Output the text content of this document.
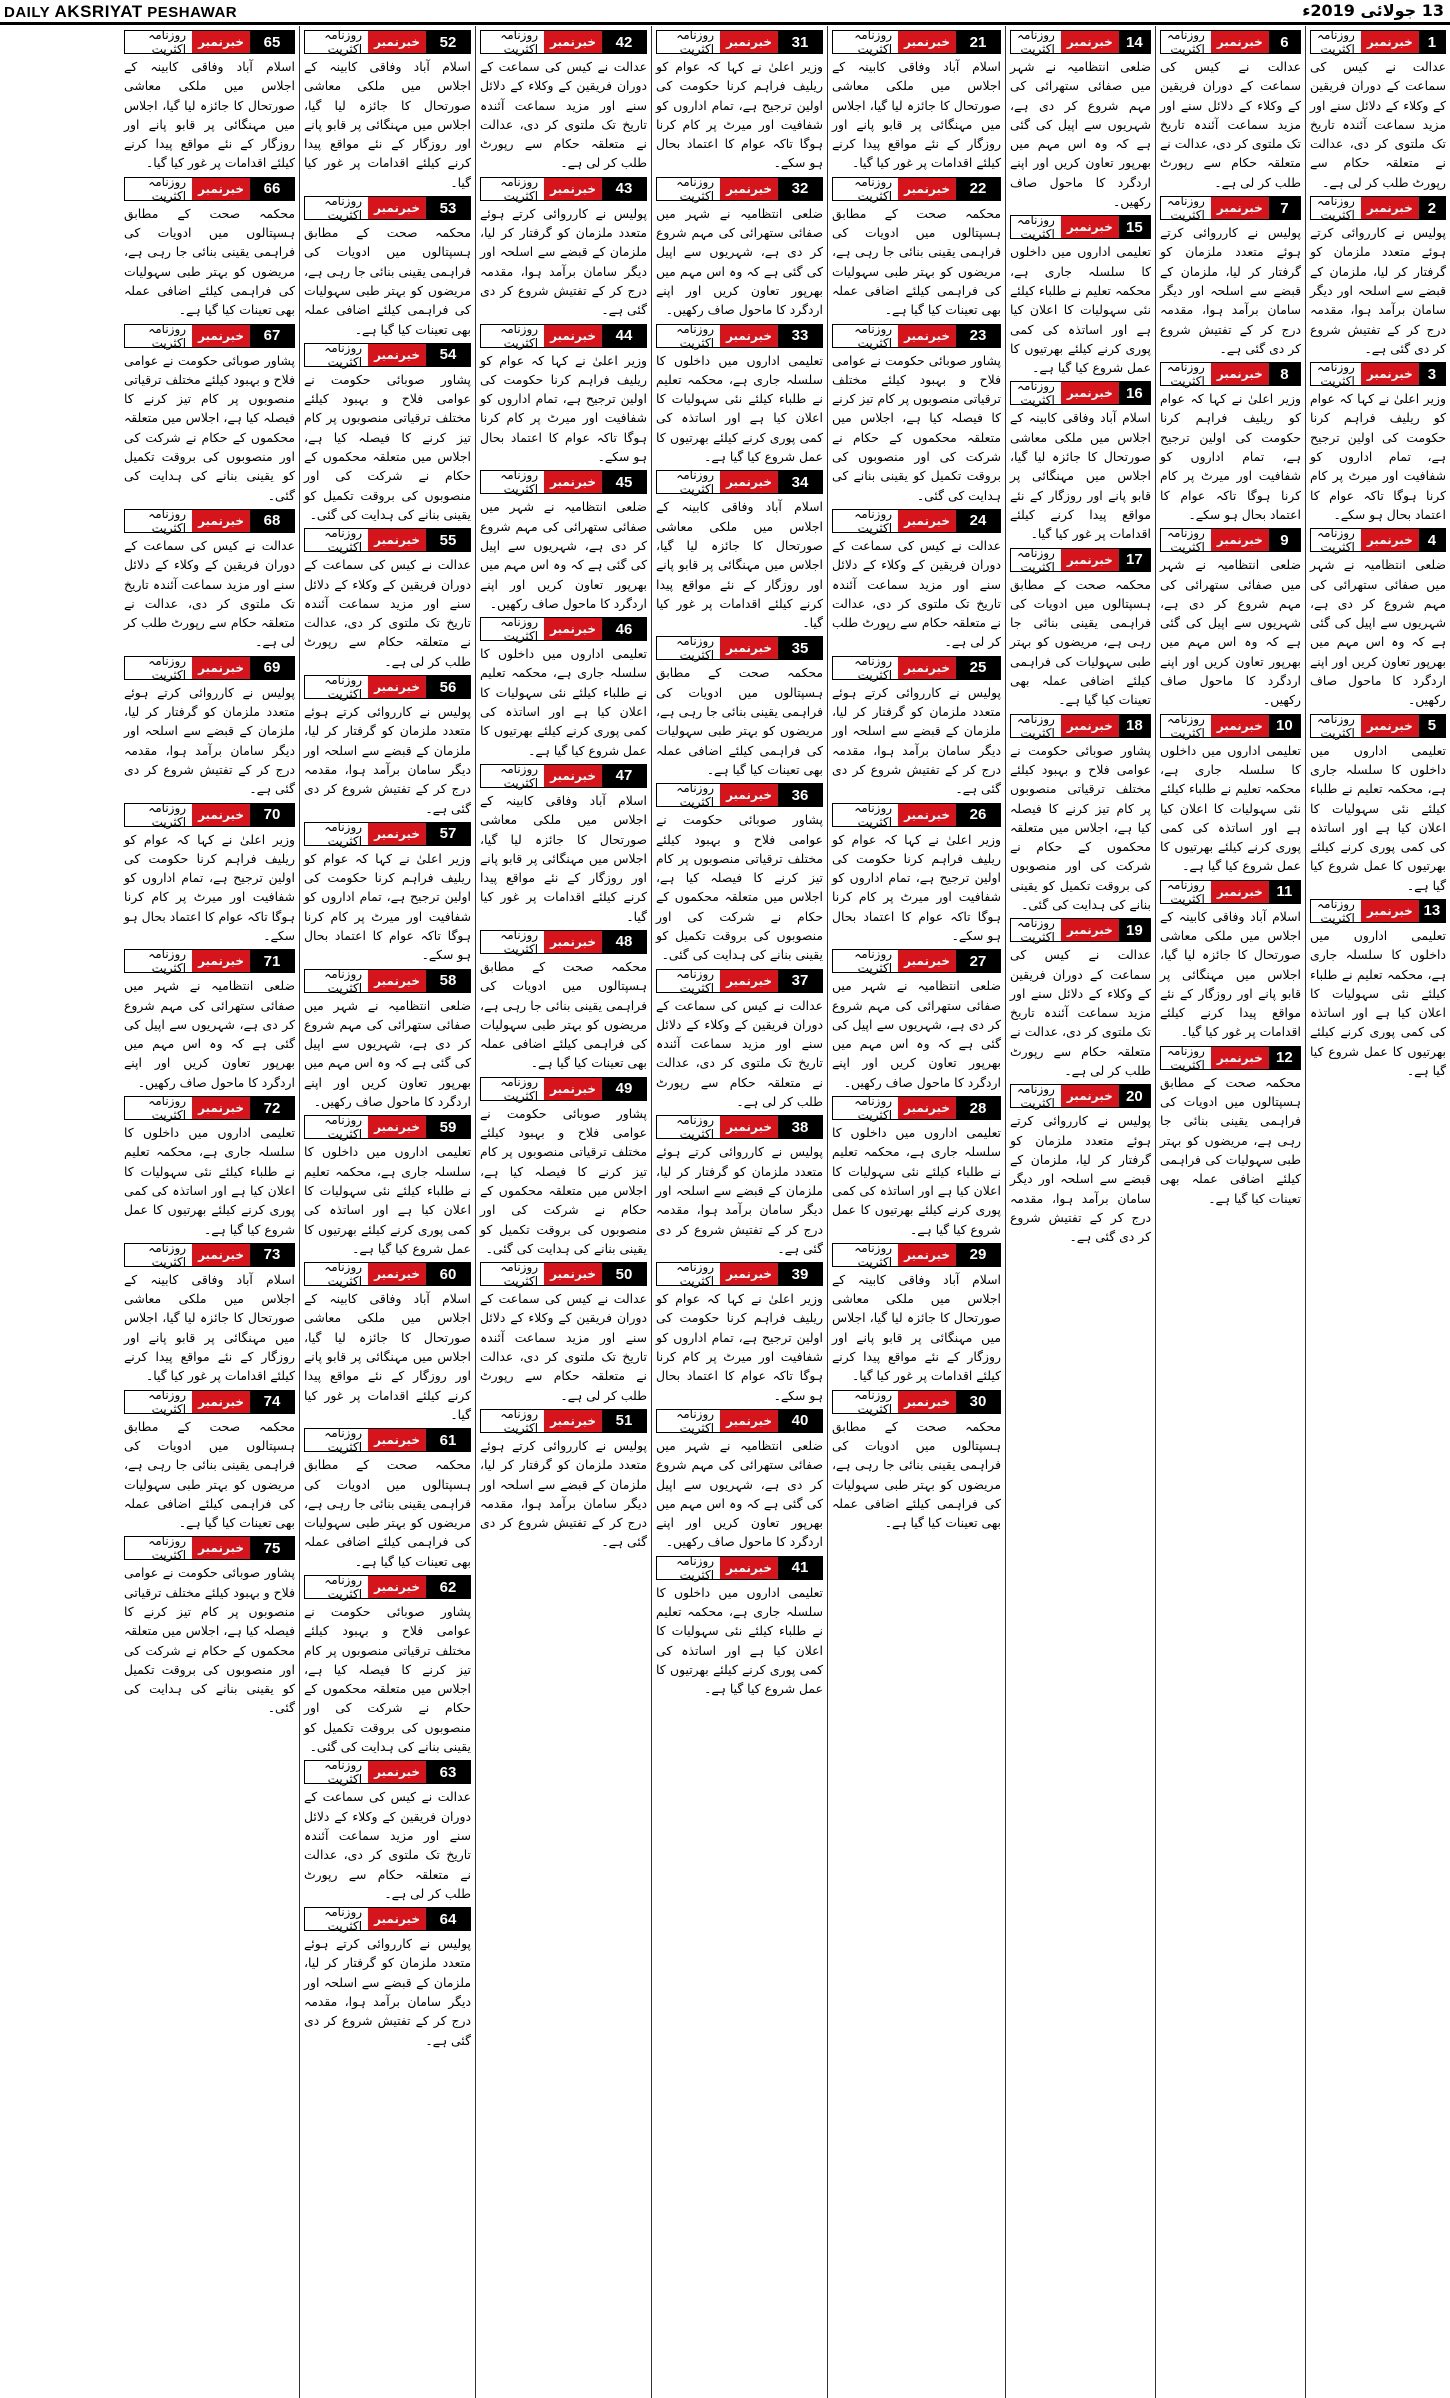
DAILY AKSRIYAT PESHAWAR	13 جولائی 2019ء
1
خبرنمبر
روزنامہ اکثریت
عدالت نے کیس کی سماعت کے دوران فریقین کے وکلاء کے دلائل سنے اور مزید سماعت آئندہ تاریخ تک ملتوی کر دی، عدالت نے متعلقہ حکام سے رپورٹ طلب کر لی ہے۔
2
خبرنمبر
روزنامہ اکثریت
پولیس نے کارروائی کرتے ہوئے متعدد ملزمان کو گرفتار کر لیا، ملزمان کے قبضے سے اسلحہ اور دیگر سامان برآمد ہوا، مقدمہ درج کر کے تفتیش شروع کر دی گئی ہے۔
3
خبرنمبر
روزنامہ اکثریت
وزیر اعلیٰ نے کہا کہ عوام کو ریلیف فراہم کرنا حکومت کی اولین ترجیح ہے، تمام اداروں کو شفافیت اور میرٹ پر کام کرنا ہوگا تاکہ عوام کا اعتماد بحال ہو سکے۔
4
خبرنمبر
روزنامہ اکثریت
ضلعی انتظامیہ نے شہر میں صفائی ستھرائی کی مہم شروع کر دی ہے، شہریوں سے اپیل کی گئی ہے کہ وہ اس مہم میں بھرپور تعاون کریں اور اپنے اردگرد کا ماحول صاف رکھیں۔
5
خبرنمبر
روزنامہ اکثریت
تعلیمی اداروں میں داخلوں کا سلسلہ جاری ہے، محکمہ تعلیم نے طلباء کیلئے نئی سہولیات کا اعلان کیا ہے اور اساتذہ کی کمی پوری کرنے کیلئے بھرتیوں کا عمل شروع کیا گیا ہے۔
13
خبرنمبر
روزنامہ اکثریت
تعلیمی اداروں میں داخلوں کا سلسلہ جاری ہے، محکمہ تعلیم نے طلباء کیلئے نئی سہولیات کا اعلان کیا ہے اور اساتذہ کی کمی پوری کرنے کیلئے بھرتیوں کا عمل شروع کیا گیا ہے۔
6
خبرنمبر
روزنامہ اکثریت
عدالت نے کیس کی سماعت کے دوران فریقین کے وکلاء کے دلائل سنے اور مزید سماعت آئندہ تاریخ تک ملتوی کر دی، عدالت نے متعلقہ حکام سے رپورٹ طلب کر لی ہے۔
7
خبرنمبر
روزنامہ اکثریت
پولیس نے کارروائی کرتے ہوئے متعدد ملزمان کو گرفتار کر لیا، ملزمان کے قبضے سے اسلحہ اور دیگر سامان برآمد ہوا، مقدمہ درج کر کے تفتیش شروع کر دی گئی ہے۔
8
خبرنمبر
روزنامہ اکثریت
وزیر اعلیٰ نے کہا کہ عوام کو ریلیف فراہم کرنا حکومت کی اولین ترجیح ہے، تمام اداروں کو شفافیت اور میرٹ پر کام کرنا ہوگا تاکہ عوام کا اعتماد بحال ہو سکے۔
9
خبرنمبر
روزنامہ اکثریت
ضلعی انتظامیہ نے شہر میں صفائی ستھرائی کی مہم شروع کر دی ہے، شہریوں سے اپیل کی گئی ہے کہ وہ اس مہم میں بھرپور تعاون کریں اور اپنے اردگرد کا ماحول صاف رکھیں۔
10
خبرنمبر
روزنامہ اکثریت
تعلیمی اداروں میں داخلوں کا سلسلہ جاری ہے، محکمہ تعلیم نے طلباء کیلئے نئی سہولیات کا اعلان کیا ہے اور اساتذہ کی کمی پوری کرنے کیلئے بھرتیوں کا عمل شروع کیا گیا ہے۔
11
خبرنمبر
روزنامہ اکثریت
اسلام آباد وفاقی کابینہ کے اجلاس میں ملکی معاشی صورتحال کا جائزہ لیا گیا، اجلاس میں مہنگائی پر قابو پانے اور روزگار کے نئے مواقع پیدا کرنے کیلئے اقدامات پر غور کیا گیا۔
12
خبرنمبر
روزنامہ اکثریت
محکمہ صحت کے مطابق ہسپتالوں میں ادویات کی فراہمی یقینی بنائی جا رہی ہے، مریضوں کو بہتر طبی سہولیات کی فراہمی کیلئے اضافی عملہ بھی تعینات کیا گیا ہے۔
14
خبرنمبر
روزنامہ اکثریت
ضلعی انتظامیہ نے شہر میں صفائی ستھرائی کی مہم شروع کر دی ہے، شہریوں سے اپیل کی گئی ہے کہ وہ اس مہم میں بھرپور تعاون کریں اور اپنے اردگرد کا ماحول صاف رکھیں۔
15
خبرنمبر
روزنامہ اکثریت
تعلیمی اداروں میں داخلوں کا سلسلہ جاری ہے، محکمہ تعلیم نے طلباء کیلئے نئی سہولیات کا اعلان کیا ہے اور اساتذہ کی کمی پوری کرنے کیلئے بھرتیوں کا عمل شروع کیا گیا ہے۔
16
خبرنمبر
روزنامہ اکثریت
اسلام آباد وفاقی کابینہ کے اجلاس میں ملکی معاشی صورتحال کا جائزہ لیا گیا، اجلاس میں مہنگائی پر قابو پانے اور روزگار کے نئے مواقع پیدا کرنے کیلئے اقدامات پر غور کیا گیا۔
17
خبرنمبر
روزنامہ اکثریت
محکمہ صحت کے مطابق ہسپتالوں میں ادویات کی فراہمی یقینی بنائی جا رہی ہے، مریضوں کو بہتر طبی سہولیات کی فراہمی کیلئے اضافی عملہ بھی تعینات کیا گیا ہے۔
18
خبرنمبر
روزنامہ اکثریت
پشاور صوبائی حکومت نے عوامی فلاح و بہبود کیلئے مختلف ترقیاتی منصوبوں پر کام تیز کرنے کا فیصلہ کیا ہے، اجلاس میں متعلقہ محکموں کے حکام نے شرکت کی اور منصوبوں کی بروقت تکمیل کو یقینی بنانے کی ہدایت کی گئی۔
19
خبرنمبر
روزنامہ اکثریت
عدالت نے کیس کی سماعت کے دوران فریقین کے وکلاء کے دلائل سنے اور مزید سماعت آئندہ تاریخ تک ملتوی کر دی، عدالت نے متعلقہ حکام سے رپورٹ طلب کر لی ہے۔
20
خبرنمبر
روزنامہ اکثریت
پولیس نے کارروائی کرتے ہوئے متعدد ملزمان کو گرفتار کر لیا، ملزمان کے قبضے سے اسلحہ اور دیگر سامان برآمد ہوا، مقدمہ درج کر کے تفتیش شروع کر دی گئی ہے۔
21
خبرنمبر
روزنامہ اکثریت
اسلام آباد وفاقی کابینہ کے اجلاس میں ملکی معاشی صورتحال کا جائزہ لیا گیا، اجلاس میں مہنگائی پر قابو پانے اور روزگار کے نئے مواقع پیدا کرنے کیلئے اقدامات پر غور کیا گیا۔
22
خبرنمبر
روزنامہ اکثریت
محکمہ صحت کے مطابق ہسپتالوں میں ادویات کی فراہمی یقینی بنائی جا رہی ہے، مریضوں کو بہتر طبی سہولیات کی فراہمی کیلئے اضافی عملہ بھی تعینات کیا گیا ہے۔
23
خبرنمبر
روزنامہ اکثریت
پشاور صوبائی حکومت نے عوامی فلاح و بہبود کیلئے مختلف ترقیاتی منصوبوں پر کام تیز کرنے کا فیصلہ کیا ہے، اجلاس میں متعلقہ محکموں کے حکام نے شرکت کی اور منصوبوں کی بروقت تکمیل کو یقینی بنانے کی ہدایت کی گئی۔
24
خبرنمبر
روزنامہ اکثریت
عدالت نے کیس کی سماعت کے دوران فریقین کے وکلاء کے دلائل سنے اور مزید سماعت آئندہ تاریخ تک ملتوی کر دی، عدالت نے متعلقہ حکام سے رپورٹ طلب کر لی ہے۔
25
خبرنمبر
روزنامہ اکثریت
پولیس نے کارروائی کرتے ہوئے متعدد ملزمان کو گرفتار کر لیا، ملزمان کے قبضے سے اسلحہ اور دیگر سامان برآمد ہوا، مقدمہ درج کر کے تفتیش شروع کر دی گئی ہے۔
26
خبرنمبر
روزنامہ اکثریت
وزیر اعلیٰ نے کہا کہ عوام کو ریلیف فراہم کرنا حکومت کی اولین ترجیح ہے، تمام اداروں کو شفافیت اور میرٹ پر کام کرنا ہوگا تاکہ عوام کا اعتماد بحال ہو سکے۔
27
خبرنمبر
روزنامہ اکثریت
ضلعی انتظامیہ نے شہر میں صفائی ستھرائی کی مہم شروع کر دی ہے، شہریوں سے اپیل کی گئی ہے کہ وہ اس مہم میں بھرپور تعاون کریں اور اپنے اردگرد کا ماحول صاف رکھیں۔
28
خبرنمبر
روزنامہ اکثریت
تعلیمی اداروں میں داخلوں کا سلسلہ جاری ہے، محکمہ تعلیم نے طلباء کیلئے نئی سہولیات کا اعلان کیا ہے اور اساتذہ کی کمی پوری کرنے کیلئے بھرتیوں کا عمل شروع کیا گیا ہے۔
29
خبرنمبر
روزنامہ اکثریت
اسلام آباد وفاقی کابینہ کے اجلاس میں ملکی معاشی صورتحال کا جائزہ لیا گیا، اجلاس میں مہنگائی پر قابو پانے اور روزگار کے نئے مواقع پیدا کرنے کیلئے اقدامات پر غور کیا گیا۔
30
خبرنمبر
روزنامہ اکثریت
محکمہ صحت کے مطابق ہسپتالوں میں ادویات کی فراہمی یقینی بنائی جا رہی ہے، مریضوں کو بہتر طبی سہولیات کی فراہمی کیلئے اضافی عملہ بھی تعینات کیا گیا ہے۔
31
خبرنمبر
روزنامہ اکثریت
وزیر اعلیٰ نے کہا کہ عوام کو ریلیف فراہم کرنا حکومت کی اولین ترجیح ہے، تمام اداروں کو شفافیت اور میرٹ پر کام کرنا ہوگا تاکہ عوام کا اعتماد بحال ہو سکے۔
32
خبرنمبر
روزنامہ اکثریت
ضلعی انتظامیہ نے شہر میں صفائی ستھرائی کی مہم شروع کر دی ہے، شہریوں سے اپیل کی گئی ہے کہ وہ اس مہم میں بھرپور تعاون کریں اور اپنے اردگرد کا ماحول صاف رکھیں۔
33
خبرنمبر
روزنامہ اکثریت
تعلیمی اداروں میں داخلوں کا سلسلہ جاری ہے، محکمہ تعلیم نے طلباء کیلئے نئی سہولیات کا اعلان کیا ہے اور اساتذہ کی کمی پوری کرنے کیلئے بھرتیوں کا عمل شروع کیا گیا ہے۔
34
خبرنمبر
روزنامہ اکثریت
اسلام آباد وفاقی کابینہ کے اجلاس میں ملکی معاشی صورتحال کا جائزہ لیا گیا، اجلاس میں مہنگائی پر قابو پانے اور روزگار کے نئے مواقع پیدا کرنے کیلئے اقدامات پر غور کیا گیا۔
35
خبرنمبر
روزنامہ اکثریت
محکمہ صحت کے مطابق ہسپتالوں میں ادویات کی فراہمی یقینی بنائی جا رہی ہے، مریضوں کو بہتر طبی سہولیات کی فراہمی کیلئے اضافی عملہ بھی تعینات کیا گیا ہے۔
36
خبرنمبر
روزنامہ اکثریت
پشاور صوبائی حکومت نے عوامی فلاح و بہبود کیلئے مختلف ترقیاتی منصوبوں پر کام تیز کرنے کا فیصلہ کیا ہے، اجلاس میں متعلقہ محکموں کے حکام نے شرکت کی اور منصوبوں کی بروقت تکمیل کو یقینی بنانے کی ہدایت کی گئی۔
37
خبرنمبر
روزنامہ اکثریت
عدالت نے کیس کی سماعت کے دوران فریقین کے وکلاء کے دلائل سنے اور مزید سماعت آئندہ تاریخ تک ملتوی کر دی، عدالت نے متعلقہ حکام سے رپورٹ طلب کر لی ہے۔
38
خبرنمبر
روزنامہ اکثریت
پولیس نے کارروائی کرتے ہوئے متعدد ملزمان کو گرفتار کر لیا، ملزمان کے قبضے سے اسلحہ اور دیگر سامان برآمد ہوا، مقدمہ درج کر کے تفتیش شروع کر دی گئی ہے۔
39
خبرنمبر
روزنامہ اکثریت
وزیر اعلیٰ نے کہا کہ عوام کو ریلیف فراہم کرنا حکومت کی اولین ترجیح ہے، تمام اداروں کو شفافیت اور میرٹ پر کام کرنا ہوگا تاکہ عوام کا اعتماد بحال ہو سکے۔
40
خبرنمبر
روزنامہ اکثریت
ضلعی انتظامیہ نے شہر میں صفائی ستھرائی کی مہم شروع کر دی ہے، شہریوں سے اپیل کی گئی ہے کہ وہ اس مہم میں بھرپور تعاون کریں اور اپنے اردگرد کا ماحول صاف رکھیں۔
41
خبرنمبر
روزنامہ اکثریت
تعلیمی اداروں میں داخلوں کا سلسلہ جاری ہے، محکمہ تعلیم نے طلباء کیلئے نئی سہولیات کا اعلان کیا ہے اور اساتذہ کی کمی پوری کرنے کیلئے بھرتیوں کا عمل شروع کیا گیا ہے۔
42
خبرنمبر
روزنامہ اکثریت
عدالت نے کیس کی سماعت کے دوران فریقین کے وکلاء کے دلائل سنے اور مزید سماعت آئندہ تاریخ تک ملتوی کر دی، عدالت نے متعلقہ حکام سے رپورٹ طلب کر لی ہے۔
43
خبرنمبر
روزنامہ اکثریت
پولیس نے کارروائی کرتے ہوئے متعدد ملزمان کو گرفتار کر لیا، ملزمان کے قبضے سے اسلحہ اور دیگر سامان برآمد ہوا، مقدمہ درج کر کے تفتیش شروع کر دی گئی ہے۔
44
خبرنمبر
روزنامہ اکثریت
وزیر اعلیٰ نے کہا کہ عوام کو ریلیف فراہم کرنا حکومت کی اولین ترجیح ہے، تمام اداروں کو شفافیت اور میرٹ پر کام کرنا ہوگا تاکہ عوام کا اعتماد بحال ہو سکے۔
45
خبرنمبر
روزنامہ اکثریت
ضلعی انتظامیہ نے شہر میں صفائی ستھرائی کی مہم شروع کر دی ہے، شہریوں سے اپیل کی گئی ہے کہ وہ اس مہم میں بھرپور تعاون کریں اور اپنے اردگرد کا ماحول صاف رکھیں۔
46
خبرنمبر
روزنامہ اکثریت
تعلیمی اداروں میں داخلوں کا سلسلہ جاری ہے، محکمہ تعلیم نے طلباء کیلئے نئی سہولیات کا اعلان کیا ہے اور اساتذہ کی کمی پوری کرنے کیلئے بھرتیوں کا عمل شروع کیا گیا ہے۔
47
خبرنمبر
روزنامہ اکثریت
اسلام آباد وفاقی کابینہ کے اجلاس میں ملکی معاشی صورتحال کا جائزہ لیا گیا، اجلاس میں مہنگائی پر قابو پانے اور روزگار کے نئے مواقع پیدا کرنے کیلئے اقدامات پر غور کیا گیا۔
48
خبرنمبر
روزنامہ اکثریت
محکمہ صحت کے مطابق ہسپتالوں میں ادویات کی فراہمی یقینی بنائی جا رہی ہے، مریضوں کو بہتر طبی سہولیات کی فراہمی کیلئے اضافی عملہ بھی تعینات کیا گیا ہے۔
49
خبرنمبر
روزنامہ اکثریت
پشاور صوبائی حکومت نے عوامی فلاح و بہبود کیلئے مختلف ترقیاتی منصوبوں پر کام تیز کرنے کا فیصلہ کیا ہے، اجلاس میں متعلقہ محکموں کے حکام نے شرکت کی اور منصوبوں کی بروقت تکمیل کو یقینی بنانے کی ہدایت کی گئی۔
50
خبرنمبر
روزنامہ اکثریت
عدالت نے کیس کی سماعت کے دوران فریقین کے وکلاء کے دلائل سنے اور مزید سماعت آئندہ تاریخ تک ملتوی کر دی، عدالت نے متعلقہ حکام سے رپورٹ طلب کر لی ہے۔
51
خبرنمبر
روزنامہ اکثریت
پولیس نے کارروائی کرتے ہوئے متعدد ملزمان کو گرفتار کر لیا، ملزمان کے قبضے سے اسلحہ اور دیگر سامان برآمد ہوا، مقدمہ درج کر کے تفتیش شروع کر دی گئی ہے۔
52
خبرنمبر
روزنامہ اکثریت
اسلام آباد وفاقی کابینہ کے اجلاس میں ملکی معاشی صورتحال کا جائزہ لیا گیا، اجلاس میں مہنگائی پر قابو پانے اور روزگار کے نئے مواقع پیدا کرنے کیلئے اقدامات پر غور کیا گیا۔
53
خبرنمبر
روزنامہ اکثریت
محکمہ صحت کے مطابق ہسپتالوں میں ادویات کی فراہمی یقینی بنائی جا رہی ہے، مریضوں کو بہتر طبی سہولیات کی فراہمی کیلئے اضافی عملہ بھی تعینات کیا گیا ہے۔
54
خبرنمبر
روزنامہ اکثریت
پشاور صوبائی حکومت نے عوامی فلاح و بہبود کیلئے مختلف ترقیاتی منصوبوں پر کام تیز کرنے کا فیصلہ کیا ہے، اجلاس میں متعلقہ محکموں کے حکام نے شرکت کی اور منصوبوں کی بروقت تکمیل کو یقینی بنانے کی ہدایت کی گئی۔
55
خبرنمبر
روزنامہ اکثریت
عدالت نے کیس کی سماعت کے دوران فریقین کے وکلاء کے دلائل سنے اور مزید سماعت آئندہ تاریخ تک ملتوی کر دی، عدالت نے متعلقہ حکام سے رپورٹ طلب کر لی ہے۔
56
خبرنمبر
روزنامہ اکثریت
پولیس نے کارروائی کرتے ہوئے متعدد ملزمان کو گرفتار کر لیا، ملزمان کے قبضے سے اسلحہ اور دیگر سامان برآمد ہوا، مقدمہ درج کر کے تفتیش شروع کر دی گئی ہے۔
57
خبرنمبر
روزنامہ اکثریت
وزیر اعلیٰ نے کہا کہ عوام کو ریلیف فراہم کرنا حکومت کی اولین ترجیح ہے، تمام اداروں کو شفافیت اور میرٹ پر کام کرنا ہوگا تاکہ عوام کا اعتماد بحال ہو سکے۔
58
خبرنمبر
روزنامہ اکثریت
ضلعی انتظامیہ نے شہر میں صفائی ستھرائی کی مہم شروع کر دی ہے، شہریوں سے اپیل کی گئی ہے کہ وہ اس مہم میں بھرپور تعاون کریں اور اپنے اردگرد کا ماحول صاف رکھیں۔
59
خبرنمبر
روزنامہ اکثریت
تعلیمی اداروں میں داخلوں کا سلسلہ جاری ہے، محکمہ تعلیم نے طلباء کیلئے نئی سہولیات کا اعلان کیا ہے اور اساتذہ کی کمی پوری کرنے کیلئے بھرتیوں کا عمل شروع کیا گیا ہے۔
60
خبرنمبر
روزنامہ اکثریت
اسلام آباد وفاقی کابینہ کے اجلاس میں ملکی معاشی صورتحال کا جائزہ لیا گیا، اجلاس میں مہنگائی پر قابو پانے اور روزگار کے نئے مواقع پیدا کرنے کیلئے اقدامات پر غور کیا گیا۔
61
خبرنمبر
روزنامہ اکثریت
محکمہ صحت کے مطابق ہسپتالوں میں ادویات کی فراہمی یقینی بنائی جا رہی ہے، مریضوں کو بہتر طبی سہولیات کی فراہمی کیلئے اضافی عملہ بھی تعینات کیا گیا ہے۔
62
خبرنمبر
روزنامہ اکثریت
پشاور صوبائی حکومت نے عوامی فلاح و بہبود کیلئے مختلف ترقیاتی منصوبوں پر کام تیز کرنے کا فیصلہ کیا ہے، اجلاس میں متعلقہ محکموں کے حکام نے شرکت کی اور منصوبوں کی بروقت تکمیل کو یقینی بنانے کی ہدایت کی گئی۔
63
خبرنمبر
روزنامہ اکثریت
عدالت نے کیس کی سماعت کے دوران فریقین کے وکلاء کے دلائل سنے اور مزید سماعت آئندہ تاریخ تک ملتوی کر دی، عدالت نے متعلقہ حکام سے رپورٹ طلب کر لی ہے۔
64
خبرنمبر
روزنامہ اکثریت
پولیس نے کارروائی کرتے ہوئے متعدد ملزمان کو گرفتار کر لیا، ملزمان کے قبضے سے اسلحہ اور دیگر سامان برآمد ہوا، مقدمہ درج کر کے تفتیش شروع کر دی گئی ہے۔
65
خبرنمبر
روزنامہ اکثریت
اسلام آباد وفاقی کابینہ کے اجلاس میں ملکی معاشی صورتحال کا جائزہ لیا گیا، اجلاس میں مہنگائی پر قابو پانے اور روزگار کے نئے مواقع پیدا کرنے کیلئے اقدامات پر غور کیا گیا۔
66
خبرنمبر
روزنامہ اکثریت
محکمہ صحت کے مطابق ہسپتالوں میں ادویات کی فراہمی یقینی بنائی جا رہی ہے، مریضوں کو بہتر طبی سہولیات کی فراہمی کیلئے اضافی عملہ بھی تعینات کیا گیا ہے۔
67
خبرنمبر
روزنامہ اکثریت
پشاور صوبائی حکومت نے عوامی فلاح و بہبود کیلئے مختلف ترقیاتی منصوبوں پر کام تیز کرنے کا فیصلہ کیا ہے، اجلاس میں متعلقہ محکموں کے حکام نے شرکت کی اور منصوبوں کی بروقت تکمیل کو یقینی بنانے کی ہدایت کی گئی۔
68
خبرنمبر
روزنامہ اکثریت
عدالت نے کیس کی سماعت کے دوران فریقین کے وکلاء کے دلائل سنے اور مزید سماعت آئندہ تاریخ تک ملتوی کر دی، عدالت نے متعلقہ حکام سے رپورٹ طلب کر لی ہے۔
69
خبرنمبر
روزنامہ اکثریت
پولیس نے کارروائی کرتے ہوئے متعدد ملزمان کو گرفتار کر لیا، ملزمان کے قبضے سے اسلحہ اور دیگر سامان برآمد ہوا، مقدمہ درج کر کے تفتیش شروع کر دی گئی ہے۔
70
خبرنمبر
روزنامہ اکثریت
وزیر اعلیٰ نے کہا کہ عوام کو ریلیف فراہم کرنا حکومت کی اولین ترجیح ہے، تمام اداروں کو شفافیت اور میرٹ پر کام کرنا ہوگا تاکہ عوام کا اعتماد بحال ہو سکے۔
71
خبرنمبر
روزنامہ اکثریت
ضلعی انتظامیہ نے شہر میں صفائی ستھرائی کی مہم شروع کر دی ہے، شہریوں سے اپیل کی گئی ہے کہ وہ اس مہم میں بھرپور تعاون کریں اور اپنے اردگرد کا ماحول صاف رکھیں۔
72
خبرنمبر
روزنامہ اکثریت
تعلیمی اداروں میں داخلوں کا سلسلہ جاری ہے، محکمہ تعلیم نے طلباء کیلئے نئی سہولیات کا اعلان کیا ہے اور اساتذہ کی کمی پوری کرنے کیلئے بھرتیوں کا عمل شروع کیا گیا ہے۔
73
خبرنمبر
روزنامہ اکثریت
اسلام آباد وفاقی کابینہ کے اجلاس میں ملکی معاشی صورتحال کا جائزہ لیا گیا، اجلاس میں مہنگائی پر قابو پانے اور روزگار کے نئے مواقع پیدا کرنے کیلئے اقدامات پر غور کیا گیا۔
74
خبرنمبر
روزنامہ اکثریت
محکمہ صحت کے مطابق ہسپتالوں میں ادویات کی فراہمی یقینی بنائی جا رہی ہے، مریضوں کو بہتر طبی سہولیات کی فراہمی کیلئے اضافی عملہ بھی تعینات کیا گیا ہے۔
75
خبرنمبر
روزنامہ اکثریت
پشاور صوبائی حکومت نے عوامی فلاح و بہبود کیلئے مختلف ترقیاتی منصوبوں پر کام تیز کرنے کا فیصلہ کیا ہے، اجلاس میں متعلقہ محکموں کے حکام نے شرکت کی اور منصوبوں کی بروقت تکمیل کو یقینی بنانے کی ہدایت کی گئی۔
